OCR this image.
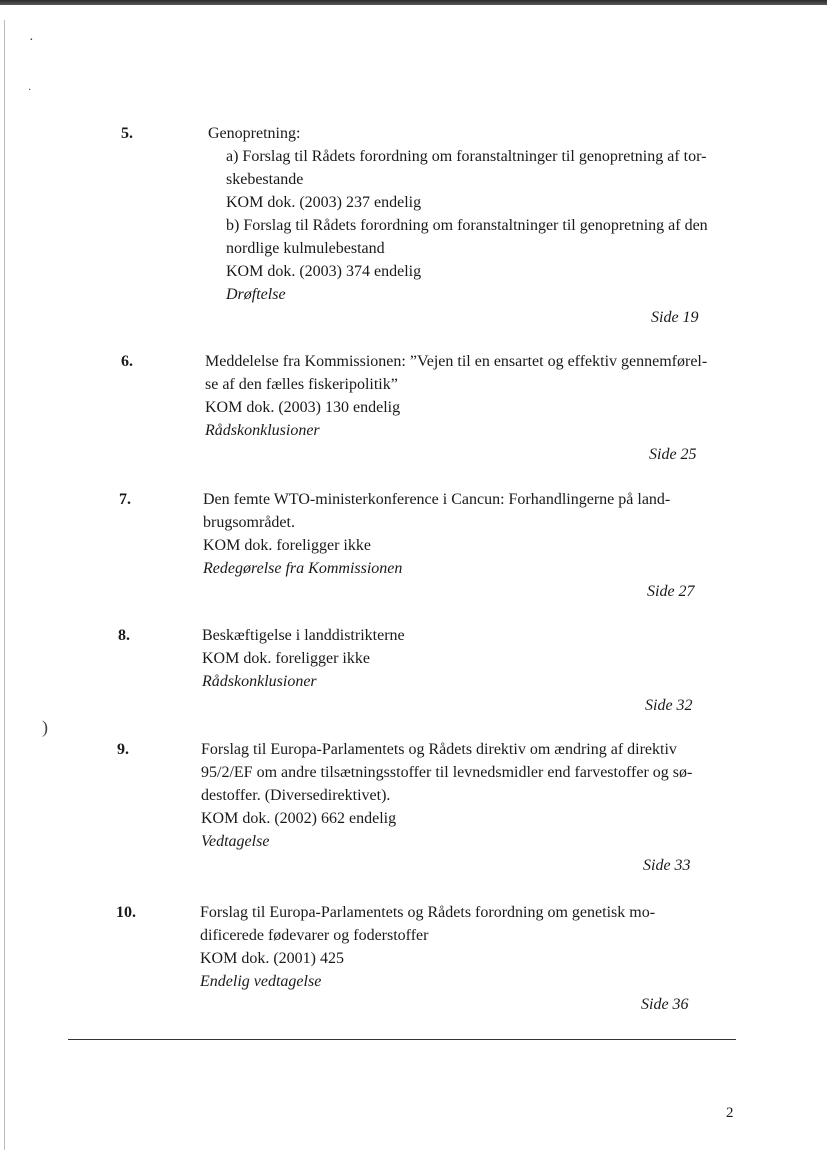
·
·
)
5.	Genopretning:
a) Forslag til Rådets forordning om foranstaltninger til genopretning af tor-
skebestande
KOM dok. (2003) 237 endelig
b) Forslag til Rådets forordning om foranstaltninger til genopretning af den
nordlige kulmulebestand
KOM dok. (2003) 374 endelig
Drøftelse
Side 19
6.	Meddelelse fra Kommissionen: ”Vejen til en ensartet og effektiv gennemførel-
se af den fælles fiskeripolitik”
KOM dok. (2003) 130 endelig
Rådskonklusioner
Side 25
7.	Den femte WTO-ministerkonference i Cancun: Forhandlingerne på land-
brugsområdet.
KOM dok. foreligger ikke
Redegørelse fra Kommissionen
Side 27
8.	Beskæftigelse i landdistrikterne
KOM dok. foreligger ikke
Rådskonklusioner
Side 32
9.	Forslag til Europa-Parlamentets og Rådets direktiv om ændring af direktiv
95/2/EF om andre tilsætningsstoffer til levnedsmidler end farvestoffer og sø-
destoffer. (Diversedirektivet).
KOM dok. (2002) 662 endelig
Vedtagelse
Side 33
10.	Forslag til Europa-Parlamentets og Rådets forordning om genetisk mo-
dificerede fødevarer og foderstoffer
KOM dok. (2001) 425
Endelig vedtagelse
Side 36
2
